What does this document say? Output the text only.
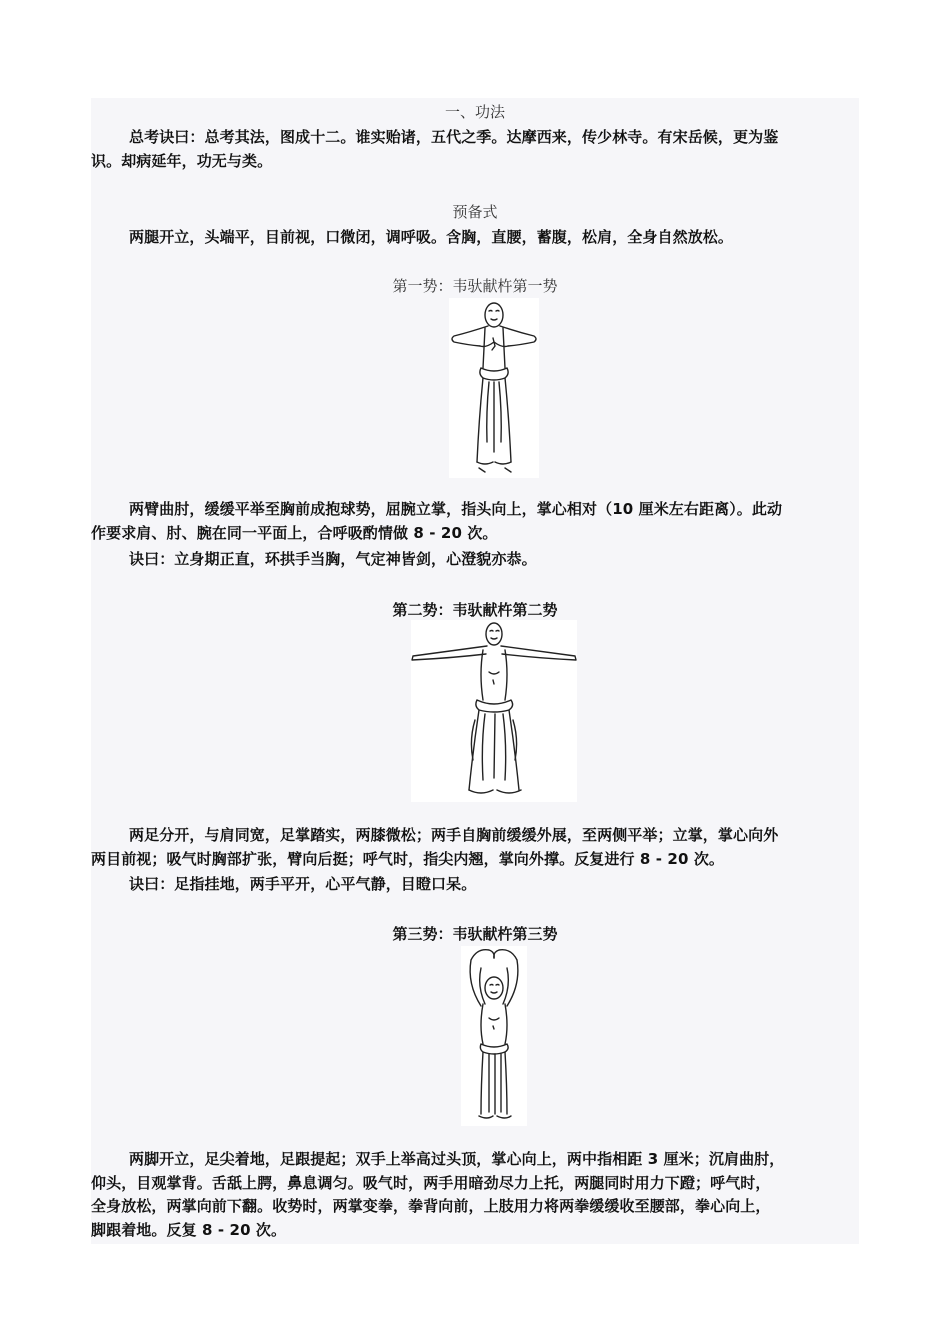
一、功法

总考诀曰：总考其法，图成十二。谁实贻诸，五代之季。达摩西来，传少林寺。有宋岳候，更为鉴
识。却病延年，功无与类。

预备式

两腿开立，头端平，目前视，口微闭，调呼吸。含胸，直腰，蓄腹，松肩，全身自然放松。

第一势：韦驮献杵第一势

两臂曲肘，缓缓平举至胸前成抱球势，屈腕立掌，指头向上，掌心相对（10 厘米左右距离）。此动
作要求肩、肘、腕在同一平面上，合呼吸酌情做 8 - 20 次。

诀曰：立身期正直，环拱手当胸，气定神皆剑，心澄貌亦恭。

第二势：韦驮献杵第二势

两足分开，与肩同宽，足掌踏实，两膝微松；两手自胸前缓缓外展，至两侧平举；立掌，掌心向外
两目前视；吸气时胸部扩张，臂向后挺；呼气时，指尖内翘，掌向外撑。反复进行 8 - 20 次。

诀曰：足指挂地，两手平开，心平气静，目瞪口呆。

第三势：韦驮献杵第三势

两脚开立，足尖着地，足跟提起；双手上举高过头顶，掌心向上，两中指相距 3 厘米；沉肩曲肘，
仰头，目观掌背。舌舐上腭，鼻息调匀。吸气时，两手用暗劲尽力上托，两腿同时用力下蹬；呼气时，
全身放松，两掌向前下翻。收势时，两掌变拳，拳背向前，上肢用力将两拳缓缓收至腰部，拳心向上，
脚跟着地。反复 8 - 20 次。
